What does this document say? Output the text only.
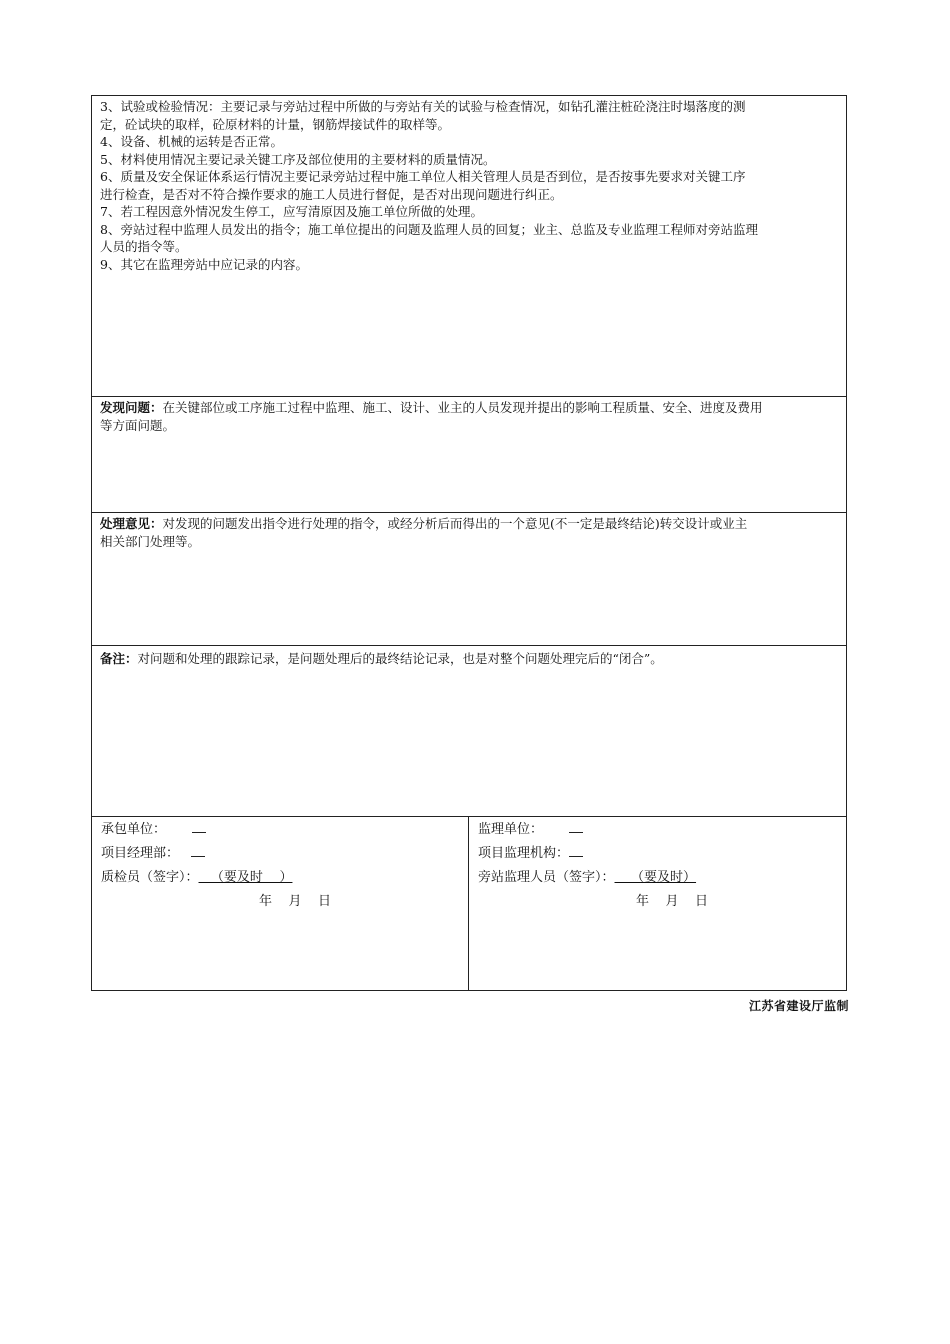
3、试验或检验情况：主要记录与旁站过程中所做的与旁站有关的试验与检查情况，如钻孔灌注桩砼浇注时塌落度的测

定，砼试块的取样，砼原材料的计量，钢筋焊接试件的取样等。

4、设备、机械的运转是否正常。

5、材料使用情况主要记录关键工序及部位使用的主要材料的质量情况。

6、质量及安全保证体系运行情况主要记录旁站过程中施工单位人相关管理人员是否到位，是否按事先要求对关键工序

进行检查，是否对不符合操作要求的施工人员进行督促，是否对出现问题进行纠正。

7、若工程因意外情况发生停工，应写清原因及施工单位所做的处理。

8、旁站过程中监理人员发出的指令；施工单位提出的问题及监理人员的回复；业主、总监及专业监理工程师对旁站监理

人员的指令等。

9、其它在监理旁站中应记录的内容。

发现问题：在关键部位或工序施工过程中监理、施工、设计、业主的人员发现并提出的影响工程质量、安全、进度及费用

等方面问题。

处理意见：对发现的问题发出指令进行处理的指令，或经分析后而得出的一个意见(不一定是最终结论)转交设计或业主

相关部门处理等。

备注：对问题和处理的跟踪记录，是问题处理后的最终结论记录，也是对整个问题处理完后的“闭合”。

承包单位：
项目经理部：
质检员（签字）：   （要及时    ）
年    月    日
监理单位：
项目监理机构：
旁站监理人员（签字）：    （要及时）
年    月    日
江苏省建设厅监制
